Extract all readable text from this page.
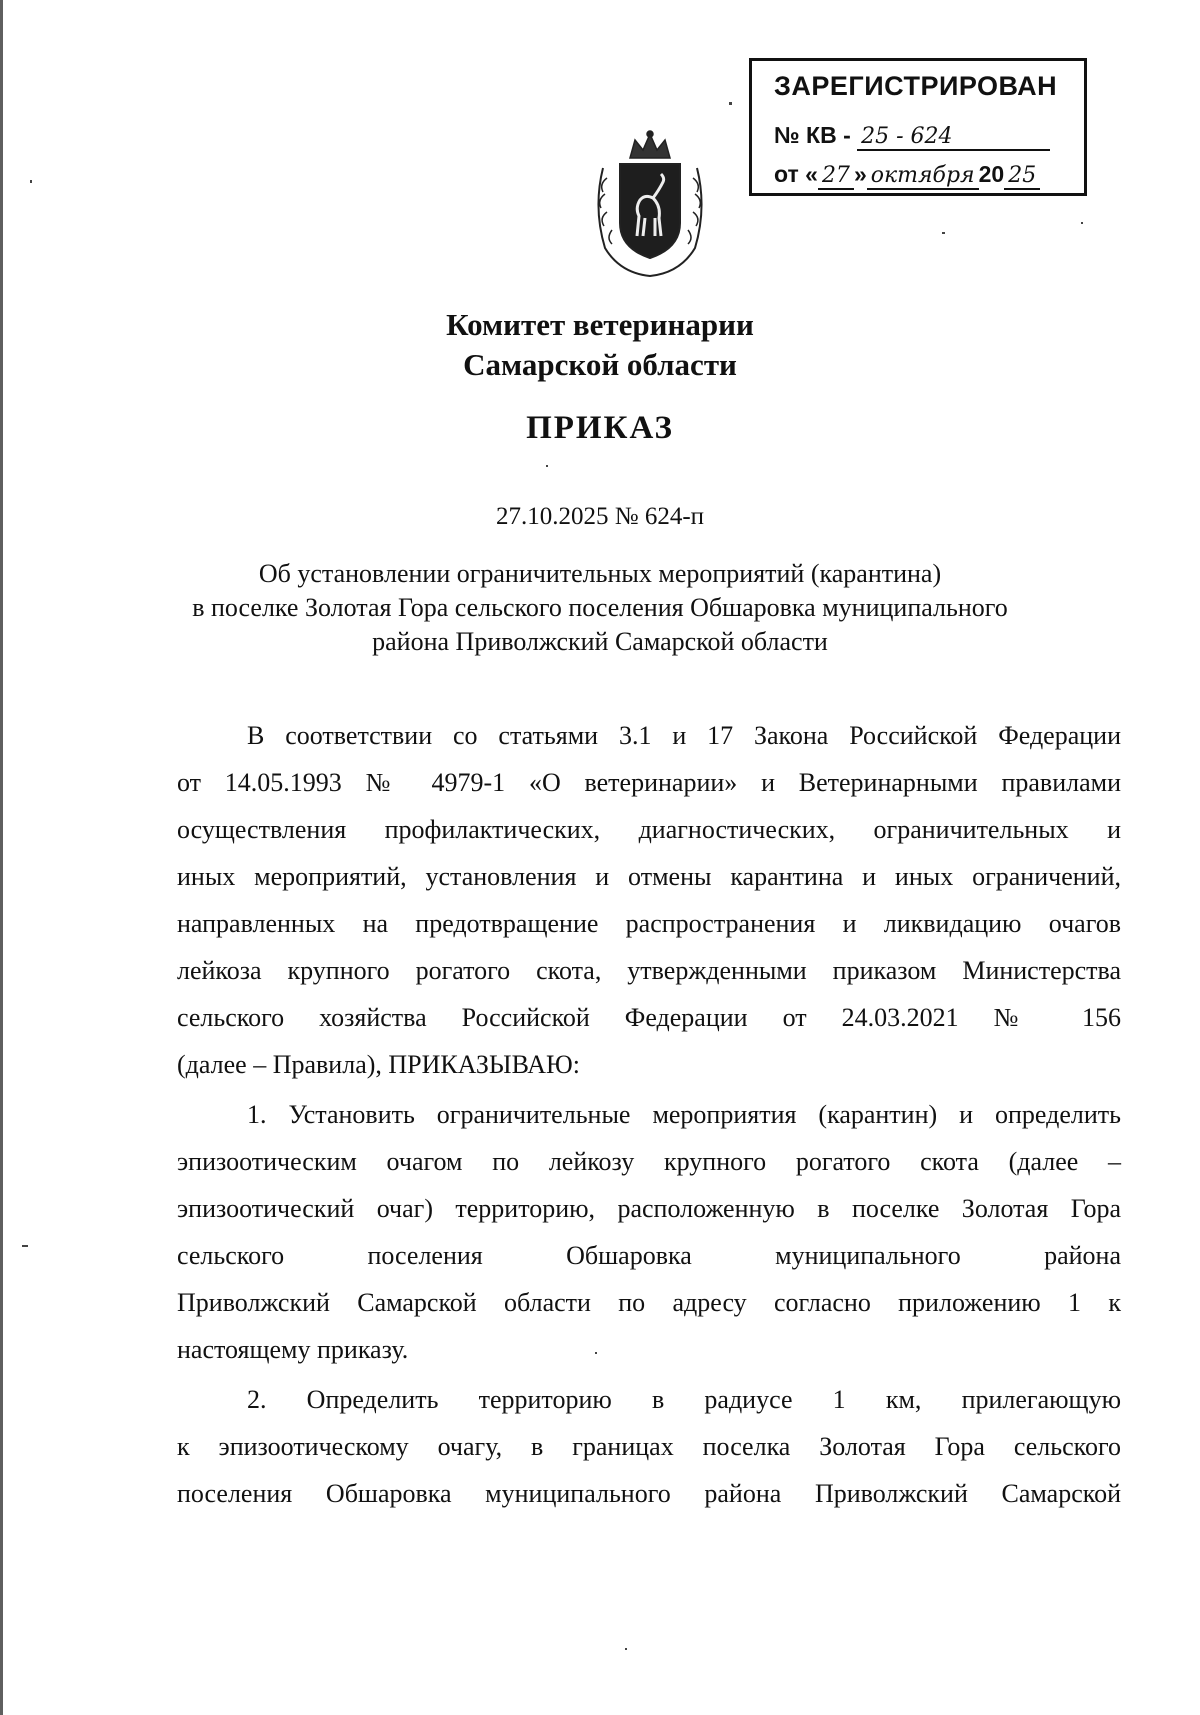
ЗАРЕГИСТРИРОВАН
№ КВ - 25 - 624
от « 27 » октября 20 25
Комитет ветеринарии
Самарской области
ПРИКАЗ
27.10.2025 № 624-п
Об установлении ограничительных мероприятий (карантина)
в поселке Золотая Гора сельского поселения Обшаровка муниципального
района Приволжский Самарской области
В соответствии со статьями 3.1 и 17 Закона Российской Федерации
от 14.05.1993 № 4979-1 «О ветеринарии» и Ветеринарными правилами
осуществления профилактических, диагностических, ограничительных и
иных мероприятий, установления и отмены карантина и иных ограничений,
направленных на предотвращение распространения и ликвидацию очагов
лейкоза крупного рогатого скота, утвержденными приказом Министерства
сельского хозяйства Российской Федерации от 24.03.2021 № 156
(далее – Правила), ПРИКАЗЫВАЮ:
1. Установить ограничительные мероприятия (карантин) и определить
эпизоотическим очагом по лейкозу крупного рогатого скота (далее –
эпизоотический очаг) территорию, расположенную в поселке Золотая Гора
сельского поселения Обшаровка муниципального района
Приволжский Самарской области по адресу согласно приложению 1 к
настоящему приказу.
2. Определить территорию в радиусе 1 км, прилегающую
к эпизоотическому очагу, в границах поселка Золотая Гора сельского
поселения Обшаровка муниципального района Приволжский Самарской
